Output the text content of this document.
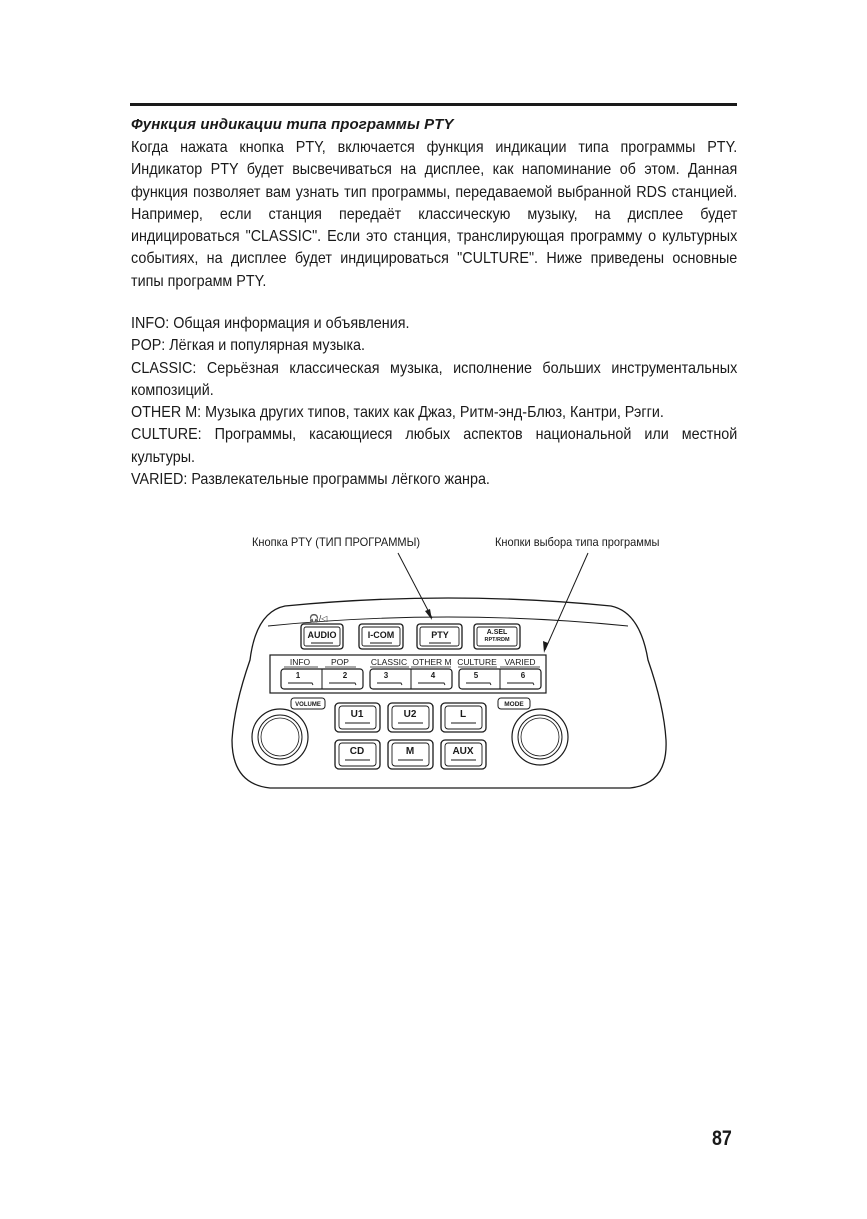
Функция индикации типа программы PTY

Когда нажата кнопка PTY, включается функция индикации типа программы PTY. Индикатор PTY будет высвечиваться на дисплее, как напоминание об этом. Данная функция позволяет вам узнать тип программы, передаваемой выбранной RDS станцией. Например, если станция передаёт классическую музыку, на дисплее будет индицироваться "CLASSIC". Если это станция, транслирующая программу о культурных событиях, на дисплее будет индицироваться "CULTURE". Ниже приведены основные типы программ PTY.

INFO: Общая информация и объявления.
POP: Лёгкая и популярная музыка.
CLASSIC: Серьёзная классическая музыка, исполнение больших инструментальных композиций.
OTHER M: Музыка других типов, таких как Джаз, Ритм-энд-Блюз, Кантри, Рэгги.
CULTURE: Программы, касающиеся любых аспектов национальной или местной культуры.
VARIED: Развлекательные программы лёгкого жанра.
Кнопка PTY (ТИП ПРОГРАММЫ)	Кнопки выбора типа программы
🎧/◁
AUDIO	I-COM	PTY	A.SEL
RPT/RDM
INFO POP	CLASSIC OTHER M CULTURE VARIED
1	2	3	4	5	6
VOLUME	MODE
U1	U2	L
CD	M	AUX
87
